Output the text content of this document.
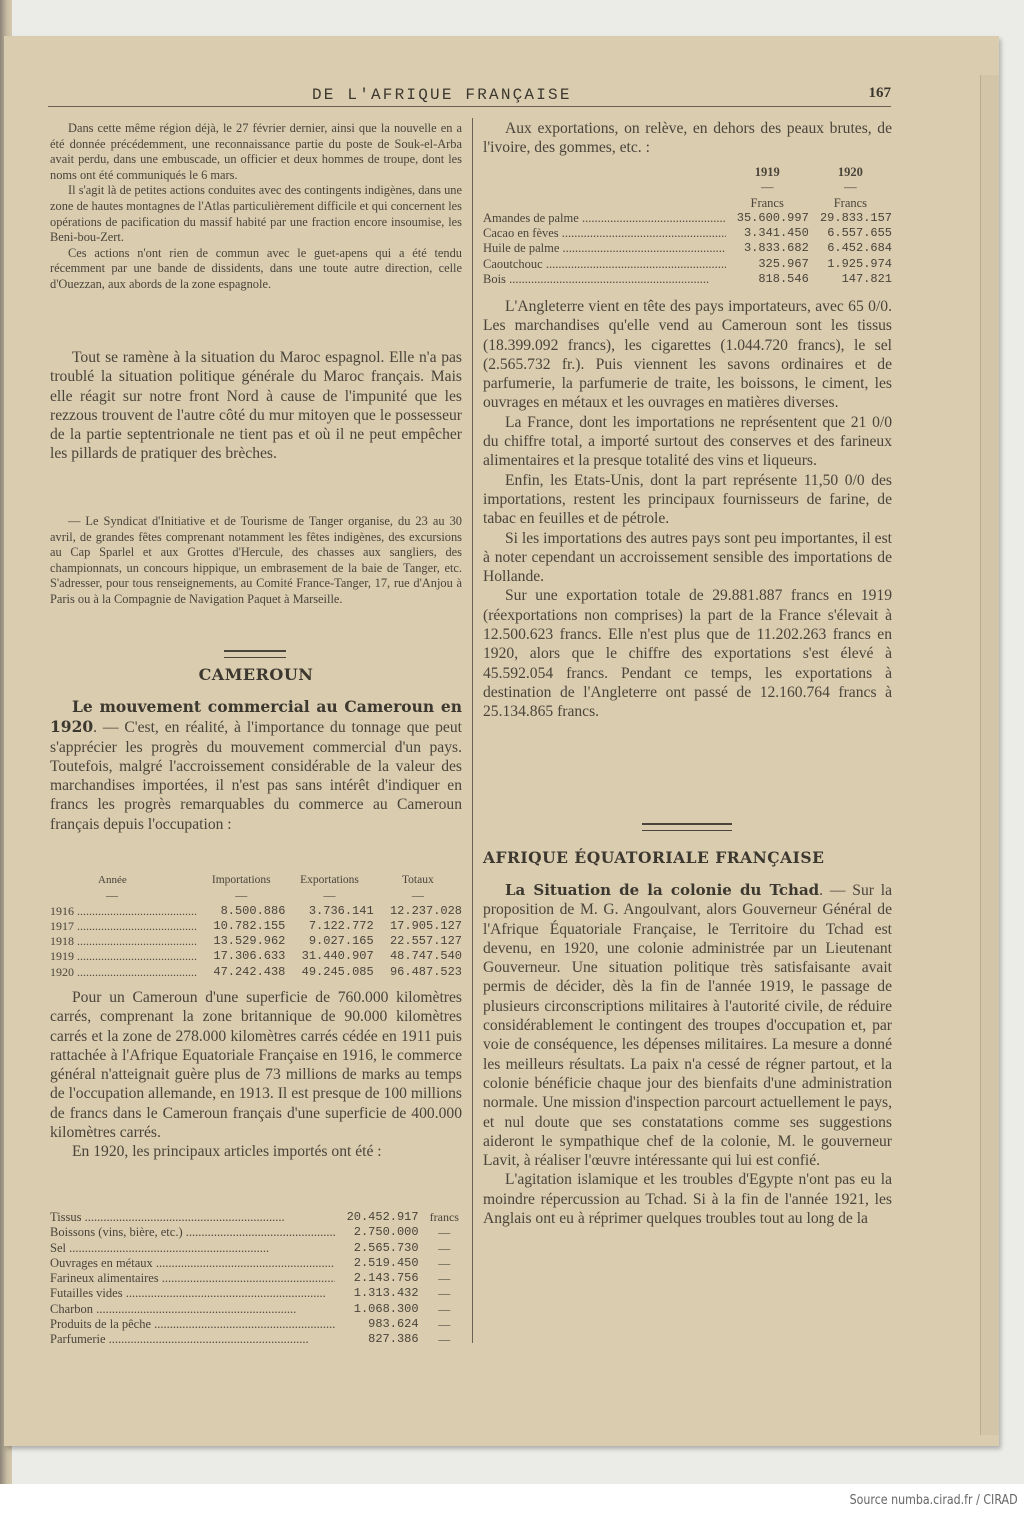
DE L'AFRIQUE FRANÇAISE	167

Dans cette même région déjà, le 27 février dernier, ainsi que la nouvelle en a été donnée précédemment, une reconnaissance partie du poste de Souk-el-Arba avait perdu, dans une embuscade, un officier et deux hommes de troupe, dont les noms ont été communiqués le 6 mars.

Il s'agit là de petites actions conduites avec des contingents indigènes, dans une zone de hautes montagnes de l'Atlas particulièrement difficile et qui concernent les opérations de pacification du massif habité par une fraction encore insoumise, les Beni-bou-Zert.

Ces actions n'ont rien de commun avec le guet-apens qui a été tendu récemment par une bande de dissidents, dans une toute autre direction, celle d'Ouezzan, aux abords de la zone espagnole.

Tout se ramène à la situation du Maroc espagnol. Elle n'a pas troublé la situation politique générale du Maroc français. Mais elle réagit sur notre front Nord à cause de l'impunité que les rezzous trouvent de l'autre côté du mur mitoyen que le possesseur de la partie septentrionale ne tient pas et où il ne peut empêcher les pillards de pratiquer des brèches.

— Le Syndicat d'Initiative et de Tourisme de Tanger organise, du 23 au 30 avril, de grandes fêtes comprenant notamment les fêtes indigènes, des excursions au Cap Sparlel et aux Grottes d'Hercule, des chasses aux sangliers, des championnats, un concours hippique, un embrasement de la baie de Tanger, etc. S'adresser, pour tous renseignements, au Comité France-Tanger, 17, rue d'Anjou à Paris ou à la Compagnie de Navigation Paquet à Marseille.

CAMEROUN

Le mouvement commercial au Cameroun en 1920. — C'est, en réalité, à l'importance du tonnage que peut s'apprécier les progrès du mouvement commercial d'un pays. Toutefois, malgré l'accroissement considérable de la valeur des marchandises importées, il n'est pas sans intérêt d'indiquer en francs les progrès remarquables du commerce au Cameroun français depuis l'occupation :

Année	Importations	Exportations	Totaux
—	—	—	—
1916 .....	8.500.886	3.736.141	12.237.028
1917 .....	10.782.155	7.122.772	17.905.127
1918 .....	13.529.962	9.027.165	22.557.127
1919 .....	17.306.633	31.440.907	48.747.540
1920 .....	47.242.438	49.245.085	96.487.523

Pour un Cameroun d'une superficie de 760.000 kilomètres carrés, comprenant la zone britannique de 90.000 kilomètres carrés et la zone de 278.000 kilomètres carrés cédée en 1911 puis rattachée à l'Afrique Equatoriale Française en 1916, le commerce général n'atteignait guère plus de 73 millions de marks au temps de l'occupation allemande, en 1913. Il est presque de 100 millions de francs dans le Cameroun français d'une superficie de 400.000 kilomètres carrés.

En 1920, les principaux articles importés ont été :

Tissus .....	20.452.917	francs
Boissons (vins, bière, etc.) .....	2.750.000	—
Sel .....	2.565.730	—
Ouvrages en métaux .....	2.519.450	—
Farineux alimentaires .....	2.143.756	—
Futailles vides .....	1.313.432	—
Charbon .....	1.068.300	—
Produits de la pêche .....	983.624	—
Parfumerie .....	827.386	—

Aux exportations, on relève, en dehors des peaux brutes, de l'ivoire, des gommes, etc. :

	1919	1920
	—	—
	Francs	Francs
Amandes de palme .....	35.600.997	29.833.157
Cacao en fèves .....	3.341.450	6.557.655
Huile de palme .....	3.833.682	6.452.684
Caoutchouc .....	325.967	1.925.974
Bois .....	818.546	147.821

L'Angleterre vient en tête des pays importateurs, avec 65 0/0. Les marchandises qu'elle vend au Cameroun sont les tissus (18.399.092 francs), les cigarettes (1.044.720 francs), le sel (2.565.732 fr.). Puis viennent les savons ordinaires et de parfumerie, la parfumerie de traite, les boissons, le ciment, les ouvrages en métaux et les ouvrages en matières diverses.

La France, dont les importations ne représentent que 21 0/0 du chiffre total, a importé surtout des conserves et des farineux alimentaires et la presque totalité des vins et liqueurs.

Enfin, les Etats-Unis, dont la part représente 11,50 0/0 des importations, restent les principaux fournisseurs de farine, de tabac en feuilles et de pétrole.

Si les importations des autres pays sont peu importantes, il est à noter cependant un accroissement sensible des importations de Hollande.

Sur une exportation totale de 29.881.887 francs en 1919 (réexportations non comprises) la part de la France s'élevait à 12.500.623 francs. Elle n'est plus que de 11.202.263 francs en 1920, alors que le chiffre des exportations s'est élevé à 45.592.054 francs. Pendant ce temps, les exportations à destination de l'Angleterre ont passé de 12.160.764 francs à 25.134.865 francs.

AFRIQUE ÉQUATORIALE FRANÇAISE

La Situation de la colonie du Tchad. — Sur la proposition de M. G. Angoulvant, alors Gouverneur Général de l'Afrique Équatoriale Française, le Territoire du Tchad est devenu, en 1920, une colonie administrée par un Lieutenant Gouverneur. Une situation politique très satisfaisante avait permis de décider, dès la fin de l'année 1919, le passage de plusieurs circonscriptions militaires à l'autorité civile, de réduire considérablement le contingent des troupes d'occupation et, par voie de conséquence, les dépenses militaires. La mesure a donné les meilleurs résultats. La paix n'a cessé de régner partout, et la colonie bénéficie chaque jour des bienfaits d'une administration normale. Une mission d'inspection parcourt actuellement le pays, et nul doute que ses constatations comme ses suggestions aideront le sympathique chef de la colonie, M. le gouverneur Lavit, à réaliser l'œuvre intéressante qui lui est confié.

L'agitation islamique et les troubles d'Egypte n'ont pas eu la moindre répercussion au Tchad. Si à la fin de l'année 1921, les Anglais ont eu à réprimer quelques troubles tout au long de la

Source numba.cirad.fr / CIRAD
